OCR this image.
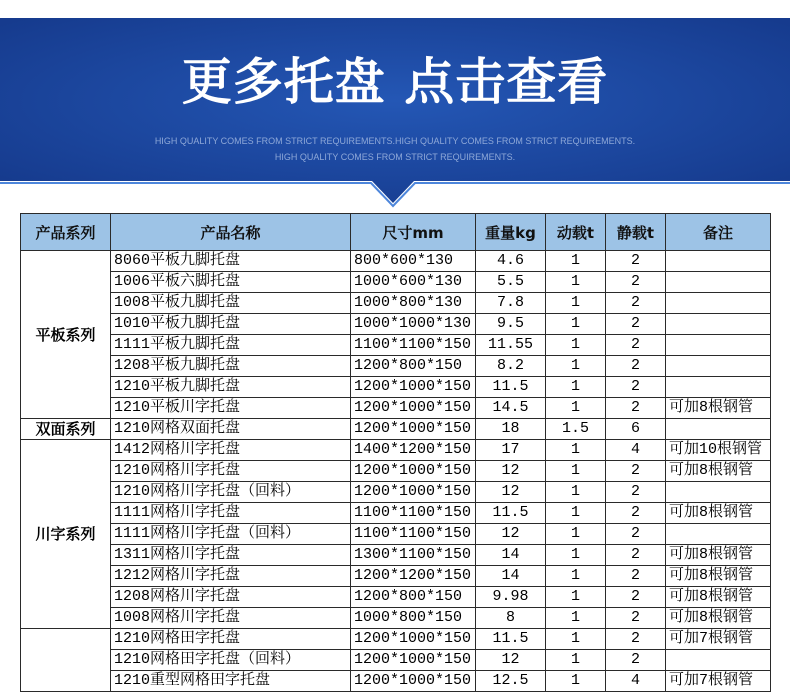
更多托盘 点击查看
HIGH QUALITY COMES FROM STRICT REQUIREMENTS.HIGH QUALITY COMES FROM STRICT REQUIREMENTS.
HIGH QUALITY COMES FROM STRICT REQUIREMENTS.
产品系列	产品名称	尺寸mm	重量kg	动载t	静载t	备注
平板系列	8060平板九脚托盘	800*600*130	4.6	1	2	
	1006平板六脚托盘	1000*600*130	5.5	1	2	
	1008平板九脚托盘	1000*800*130	7.8	1	2	
	1010平板九脚托盘	1000*1000*130	9.5	1	2	
	1111平板九脚托盘	1100*1100*150	11.55	1	2	
	1208平板九脚托盘	1200*800*150	8.2	1	2	
	1210平板九脚托盘	1200*1000*150	11.5	1	2	
	1210平板川字托盘	1200*1000*150	14.5	1	2	可加8根钢管
双面系列	1210网格双面托盘	1200*1000*150	18	1.5	6	
川字系列	1412网格川字托盘	1400*1200*150	17	1	4	可加10根钢管
	1210网格川字托盘	1200*1000*150	12	1	2	可加8根钢管
	1210网格川字托盘（回料）	1200*1000*150	12	1	2	
	1111网格川字托盘	1100*1100*150	11.5	1	2	可加8根钢管
	1111网格川字托盘（回料）	1100*1100*150	12	1	2	
	1311网格川字托盘	1300*1100*150	14	1	2	可加8根钢管
	1212网格川字托盘	1200*1200*150	14	1	2	可加8根钢管
	1208网格川字托盘	1200*800*150	9.98	1	2	可加8根钢管
	1008网格川字托盘	1000*800*150	8	1	2	可加8根钢管
	1210网格田字托盘	1200*1000*150	11.5	1	2	可加7根钢管
	1210网格田字托盘（回料）	1200*1000*150	12	1	2	
	1210重型网格田字托盘	1200*1000*150	12.5	1	4	可加7根钢管
